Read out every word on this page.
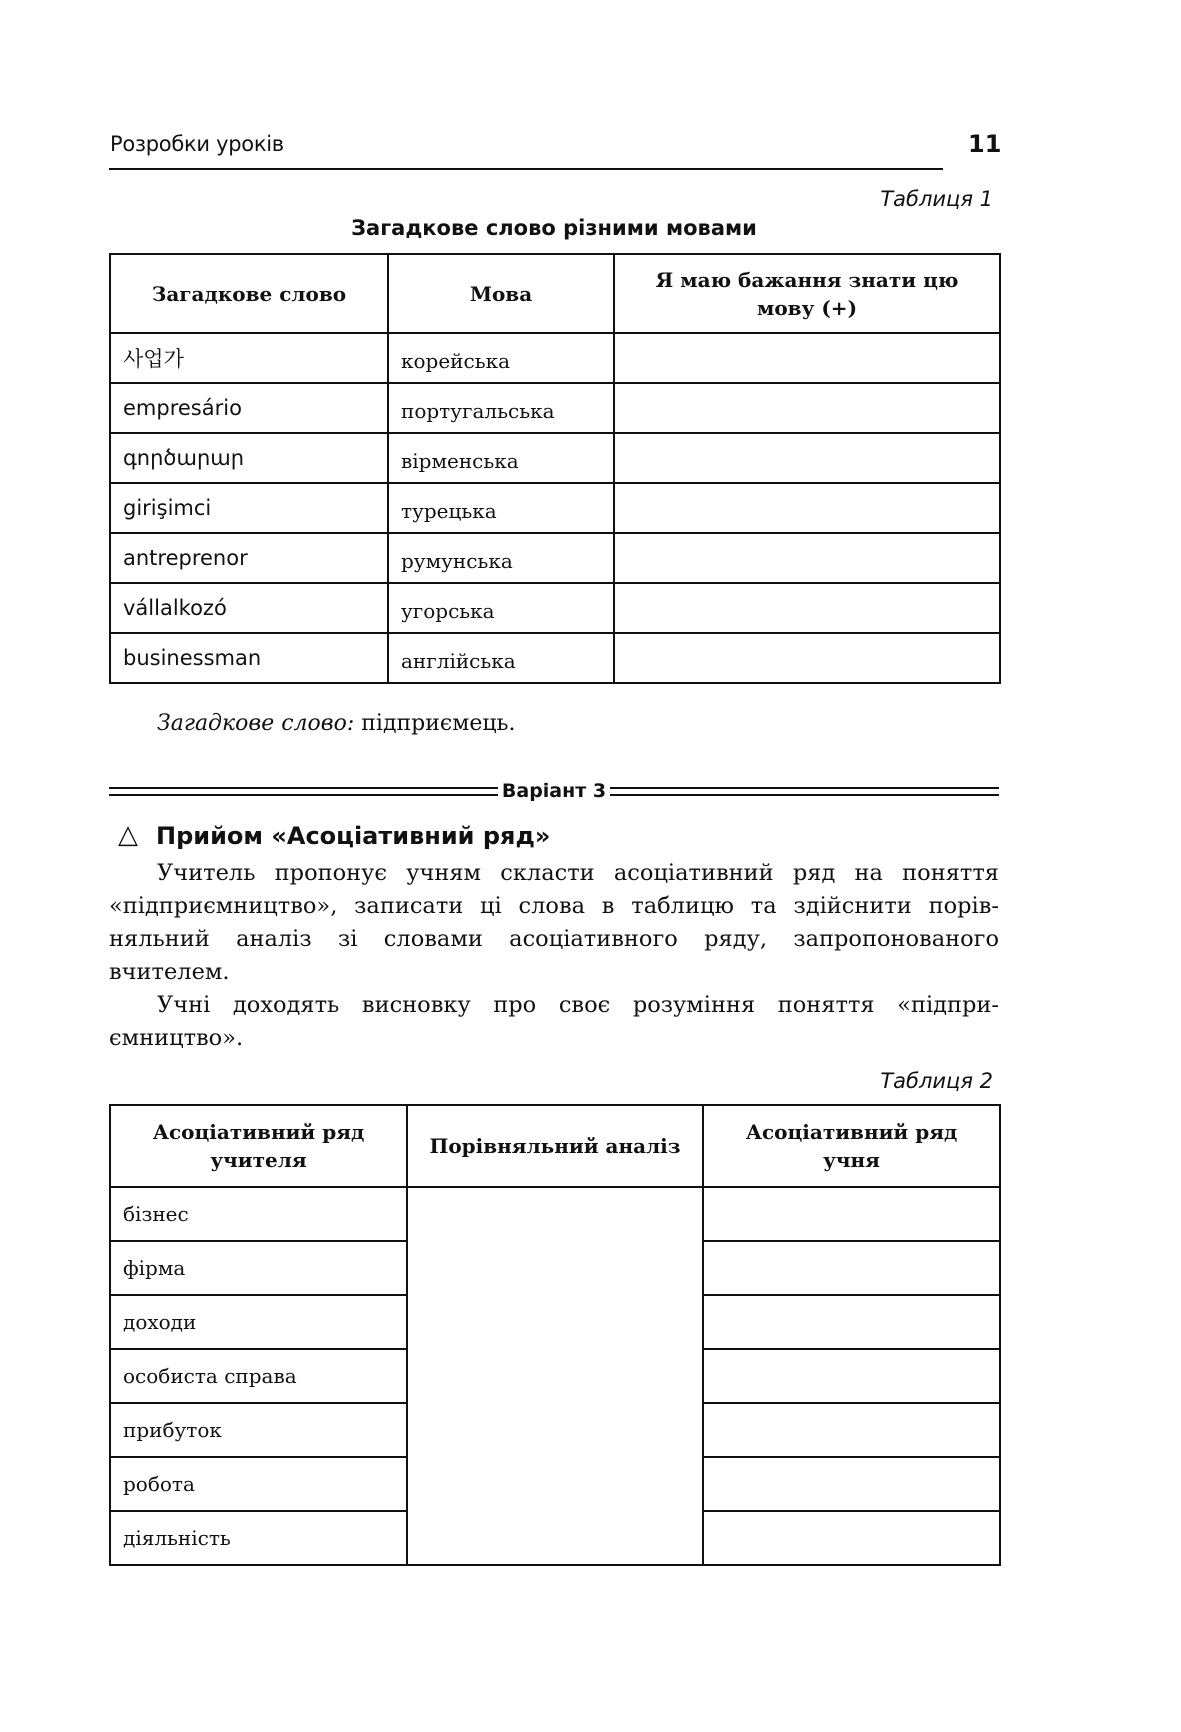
Розробки уроків	11
Таблиця 1
Загадкове слово різними мовами
Загадкове слово	Мова	Я маю бажання знати цю мову (+)
사업가	корейська	
empresário	португальська	
գործարար	вірменська	
girişimci	турецька	
antreprenor	румунська	
vállalkozó	угорська	
businessman	англійська	
Загадкове слово: підприємець.
Варіант 3
△ Прийом «Асоціативний ряд»
Учитель пропонує учням скласти асоціативний ряд на поняття
«підприємництво», записати ці слова в таблицю та здійснити порів-
няльний аналіз зі словами асоціативного ряду, запропонованого
вчителем.
Учні доходять висновку про своє розуміння поняття «підпри-
ємництво».
Таблиця 2
Асоціативний ряд учителя	Порівняльний аналіз	Асоціативний ряд учня
бізнес		
фірма		
доходи		
особиста справа		
прибуток		
робота		
діяльність		
